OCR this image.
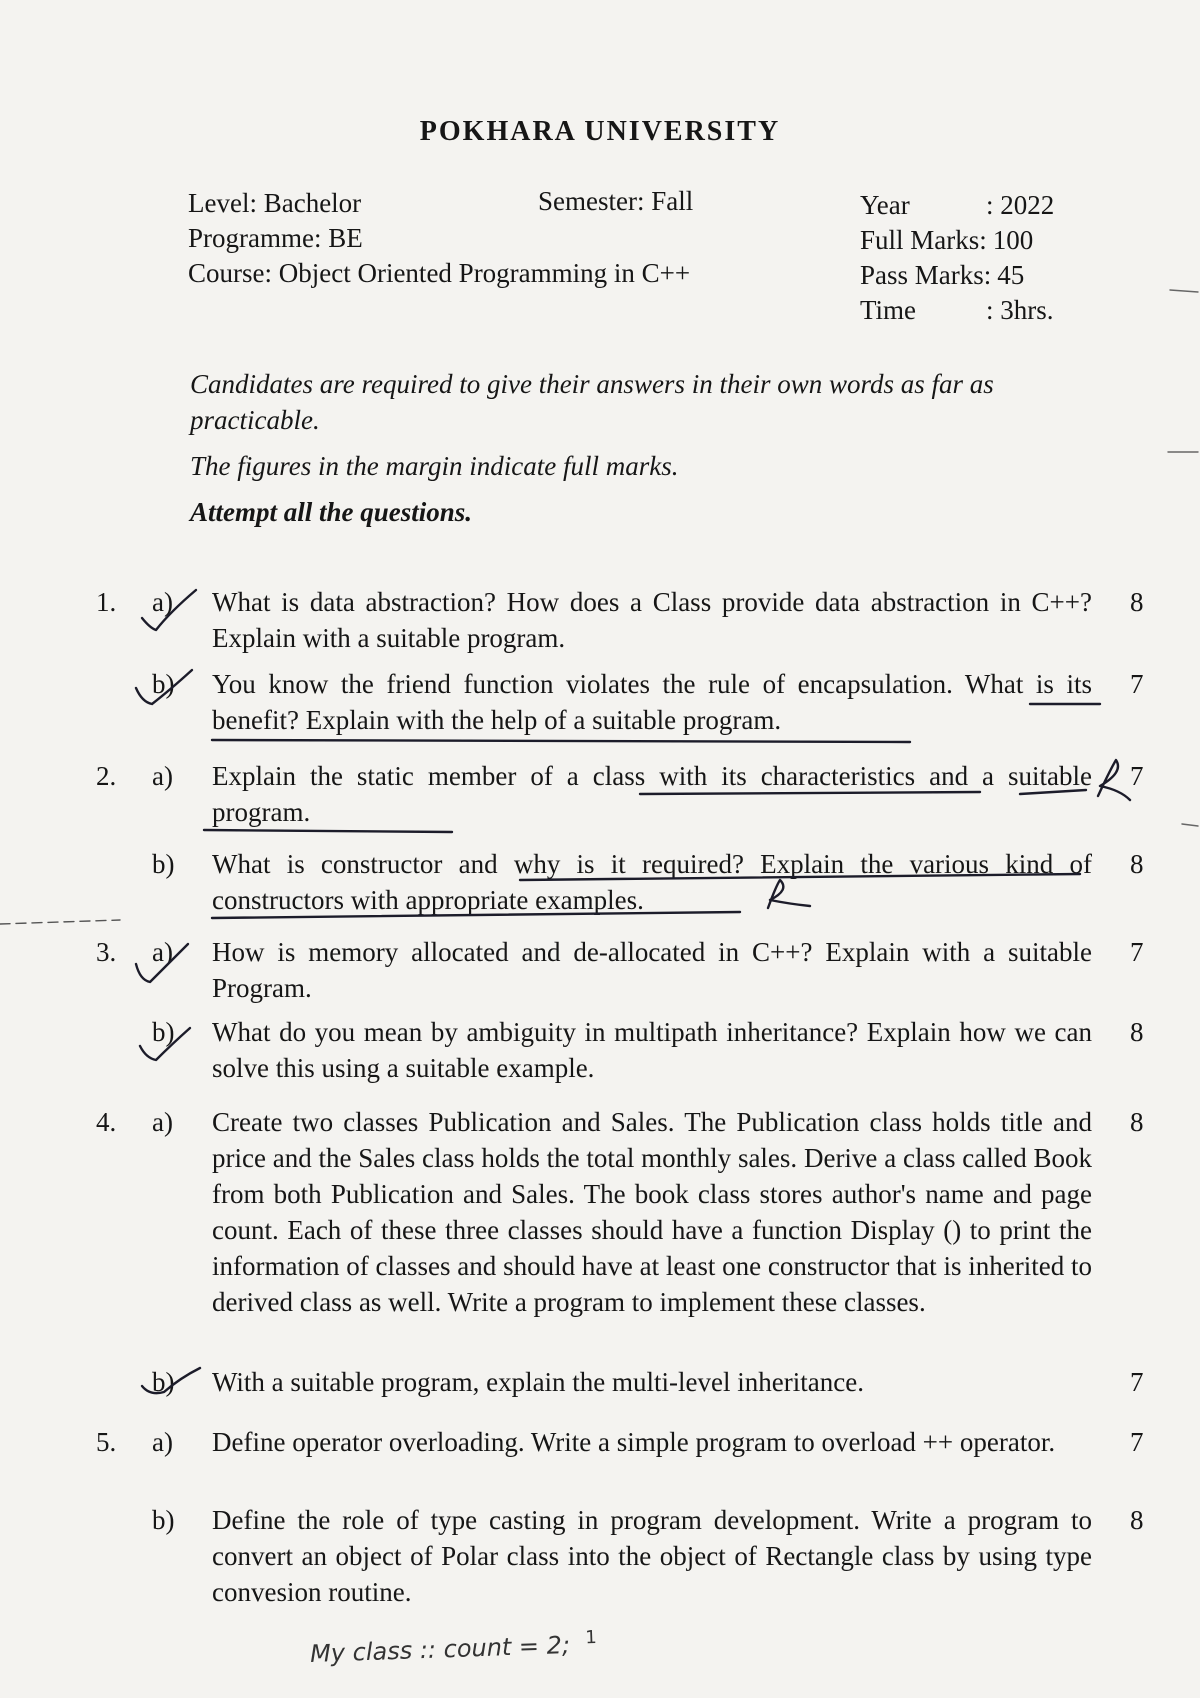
POKHARA UNIVERSITY
Level: Bachelor
Programme: BE
Course: Object Oriented Programming in C++
Semester: Fall	Year	: 2022
Full Marks: 100
Pass Marks: 45
Time	: 3hrs.

Candidates are required to give their answers in their own words as far as practicable.

The figures in the margin indicate full marks.

Attempt all the questions.

1. a) What is data abstraction? How does a Class provide data abstraction in C++? Explain with a suitable program.
8
b) You know the friend function violates the rule of encapsulation. What is its benefit? Explain with the help of a suitable program.
7
2. a) Explain the static member of a class with its characteristics and a suitable program.
7
b) What is constructor and why is it required? Explain the various kind of constructors with appropriate examples.
8
3. a) How is memory allocated and de-allocated in C++? Explain with a suitable Program.
7
b) What do you mean by ambiguity in multipath inheritance? Explain how we can solve this using a suitable example.
8
4. a) Create two classes Publication and Sales. The Publication class holds title and price and the Sales class holds the total monthly sales. Derive a class called Book from both Publication and Sales. The book class stores author's name and page count. Each of these three classes should have a function Display () to print the information of classes and should have at least one constructor that is inherited to derived class as well. Write a program to implement these classes.
8
b) With a suitable program, explain the multi-level inheritance.	7
5. a) Define operator overloading. Write a simple program to overload ++ operator.	7
b) Define the role of type casting in program development. Write a program to convert an object of Polar class into the object of Rectangle class by using type convesion routine.
8
My class :: count = 2; $^1$
